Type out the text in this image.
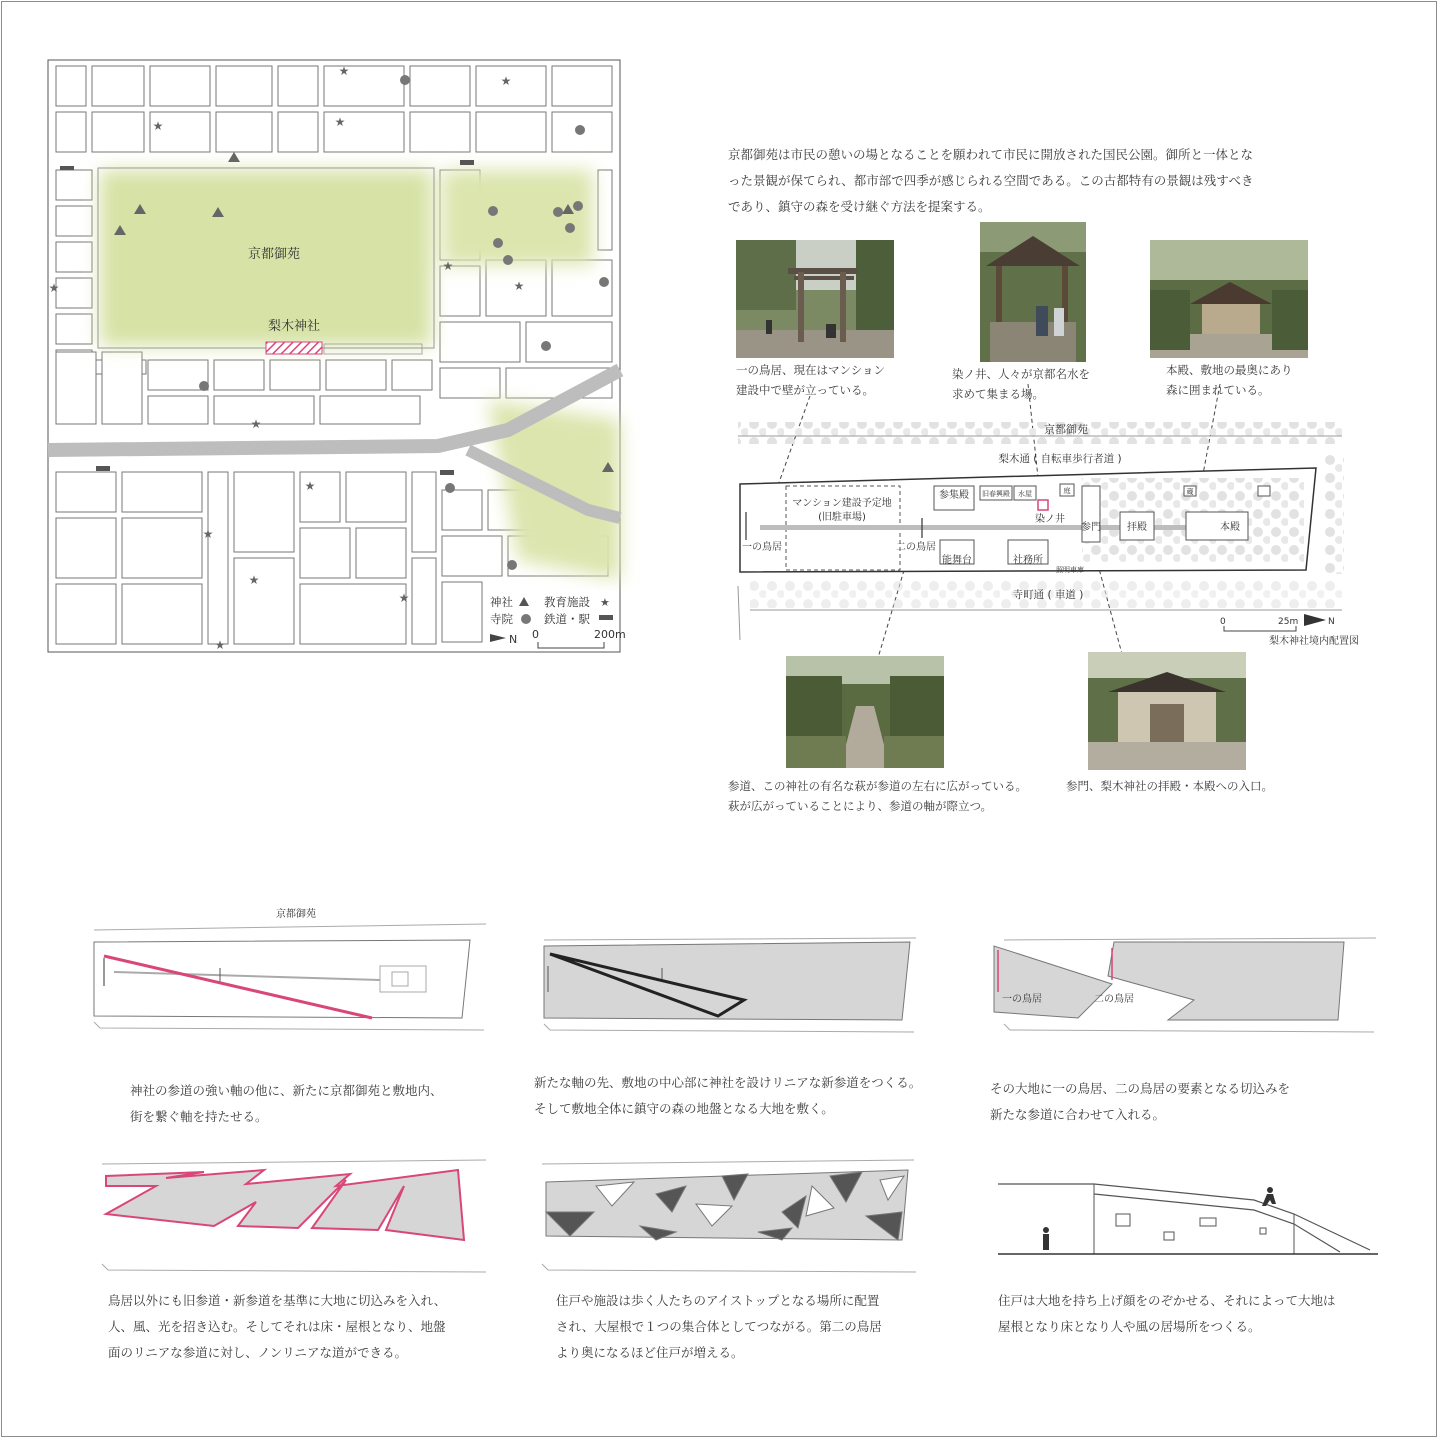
★
★
★	★
★
★
★
★
★
★
★
★
★
京都御苑
梨木神社
神社	教育施設 ★
寺院	鉄道・駅
N 0	200m
京都御苑は市民の憩いの場となることを願われて市民に開放された国民公園。御所と一体とな
った景観が保てられ、都市部で四季が感じられる空間である。この古都特有の景観は残すべき
であり、鎮守の森を受け継ぐ方法を提案する。
一の鳥居、現在はマンション
建設中で壁が立っている。
染ノ井、人々が京都名水を
求めて集まる場。
本殿、敷地の最奥にあり
森に囲まれている。
京都御苑
梨木通 ( 自転車歩行者道 )
マンション建設予定地
(旧駐車場)
一の鳥居	二の鳥居
参集殿
能舞台	社務所
旧春興殿 水屋	庭
照明車庫
蔵
染ノ井
参門	拝殿	本殿
寺町通 ( 車道 )
0	25m	N
梨木神社境内配置図
参道、この神社の有名な萩が参道の左右に広がっている。
萩が広がっていることにより、参道の軸が際立つ。
参門、梨木神社の拝殿・本殿への入口。
京都御苑
一の鳥居	二の鳥居
神社の参道の強い軸の他に、新たに京都御苑と敷地内、
街を繋ぐ軸を持たせる。
新たな軸の先、敷地の中心部に神社を設けリニアな新参道をつくる。
そして敷地全体に鎮守の森の地盤となる大地を敷く。
その大地に一の鳥居、二の鳥居の要素となる切込みを
新たな参道に合わせて入れる。
鳥居以外にも旧参道・新参道を基準に大地に切込みを入れ、
人、風、光を招き込む。そしてそれは床・屋根となり、地盤
面のリニアな参道に対し、ノンリニアな道ができる。
住戸や施設は歩く人たちのアイストップとなる場所に配置
され、大屋根で１つの集合体としてつながる。第二の鳥居
より奥になるほど住戸が増える。
住戸は大地を持ち上げ顔をのぞかせる、それによって大地は
屋根となり床となり人や風の居場所をつくる。
